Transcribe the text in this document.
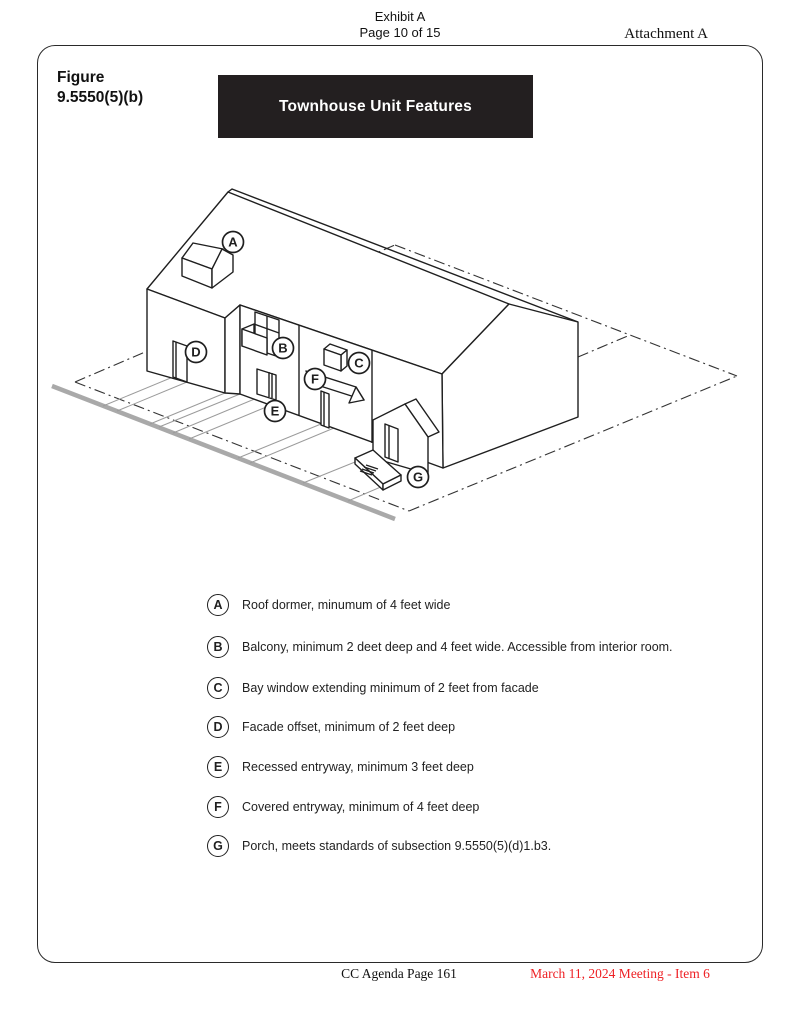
Exhibit A
Page 10 of 15	Attachment A
Figure
9.5550(5)(b)	Townhouse Unit Features
A
B
C
D
E
F
G
A	Roof dormer, minumum of 4 feet wide
B	Balcony, minimum 2 deet deep and 4 feet wide. Accessible from interior room.
C	Bay window extending minimum of 2 feet from facade
D	Facade offset, minimum of 2 feet deep
E	Recessed entryway, minimum 3 feet deep
F	Covered entryway, minimum of 4 feet deep
G	Porch, meets standards of subsection 9.5550(5)(d)1.b3.
CC Agenda Page 161	March 11, 2024 Meeting - Item 6
